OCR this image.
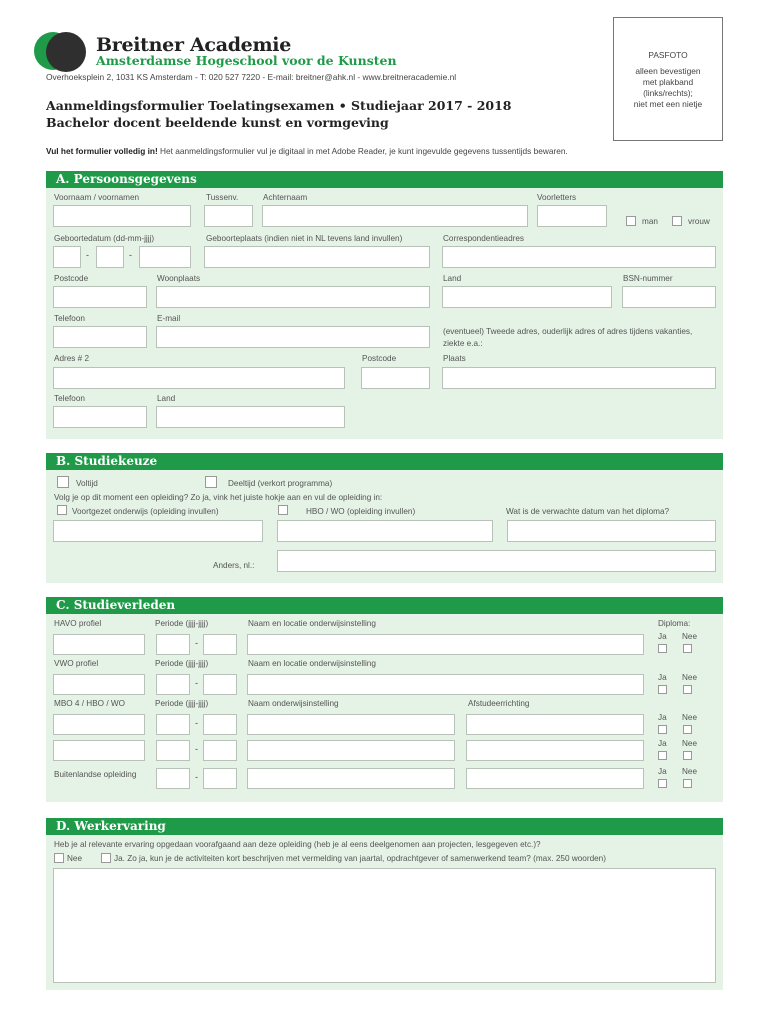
Breitner Academie
Amsterdamse Hogeschool voor de Kunsten
Overhoeksplein 2, 1031 KS Amsterdam - T: 020 527 7220 - E-mail: breitner@ahk.nl - www.breitneracademie.nl
Aanmeldingsformulier Toelatingsexamen • Studiejaar 2017 - 2018
Bachelor docent beeldende kunst en vormgeving
PASFOTO
alleen bevestigen
met plakband
(links/rechts);
niet met een nietje
Vul het formulier volledig in! Het aanmeldingsformulier vul je digitaal in met Adobe Reader, je kunt ingevulde gegevens tussentijds bewaren.
A. Persoonsgegevens
Voornaam / voornamen	Tussenv.	Achternaam	Voorletters
man	vrouw
Geboortedatum (dd-mm-jjjj)	Geboorteplaats (indien niet in NL tevens land invullen)	Correspondentieadres
-	-
Postcode	Woonplaats	Land	BSN-nummer
Telefoon	E-mail
(eventueel) Tweede adres, ouderlijk adres of adres tijdens vakanties, ziekte e.a.:
Adres # 2	Postcode	Plaats
Telefoon	Land
B. Studiekeuze
Voltijd	Deeltijd (verkort programma)
Volg je op dit moment een opleiding? Zo ja, vink het juiste hokje aan en vul de opleiding in:
Voortgezet onderwijs (opleiding invullen)	HBO / WO (opleiding invullen)	Wat is de verwachte datum van het diploma?
Anders, nl.:
C. Studieverleden
HAVO profiel	Periode (jjjj-jjjj)	Naam en locatie onderwijsinstelling	Diploma:
-
Ja Nee
VWO profiel	Periode (jjjj-jjjj)	Naam en locatie onderwijsinstelling
-
Ja Nee
MBO 4 / HBO / WO	Periode (jjjj-jjjj)	Naam onderwijsinstelling	Afstudeerrichting
-
Ja Nee
-
Ja Nee
Buitenlandse opleiding	-
Ja Nee
D. Werkervaring
Heb je al relevante ervaring opgedaan voorafgaand aan deze opleiding (heb je al eens deelgenomen aan projecten, lesgegeven etc.)?
Nee	Ja. Zo ja, kun je de activiteiten kort beschrijven met vermelding van jaartal, opdrachtgever of samenwerkend team? (max. 250 woorden)
